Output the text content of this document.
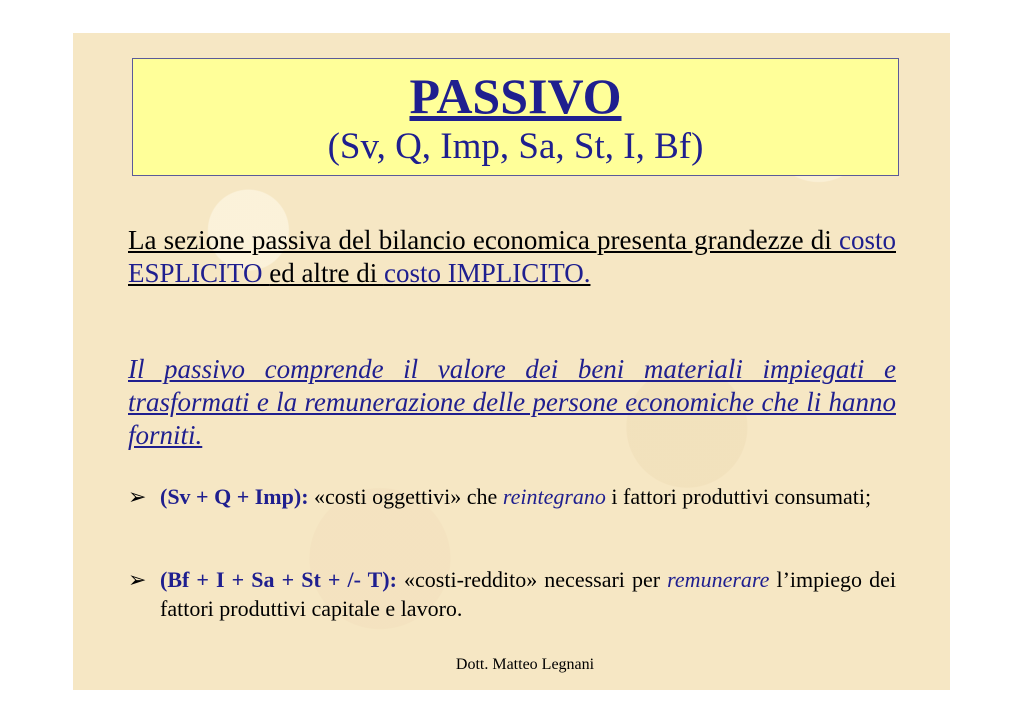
PASSIVO

(Sv, Q, Imp, Sa, St, I, Bf)

La sezione passiva del bilancio economica presenta grandezze di costo ESPLICITO ed altre di costo IMPLICITO.
Il passivo comprende il valore dei beni materiali impiegati e trasformati e la remunerazione delle persone economiche che li hanno forniti.
➢ (Sv + Q + Imp): «costi oggettivi» che reintegrano i fattori produttivi consumati;
➢ (Bf + I + Sa + St + /- T): «costi-reddito» necessari per remunerare l’impiego dei fattori produttivi capitale e lavoro.
Dott. Matteo Legnani
